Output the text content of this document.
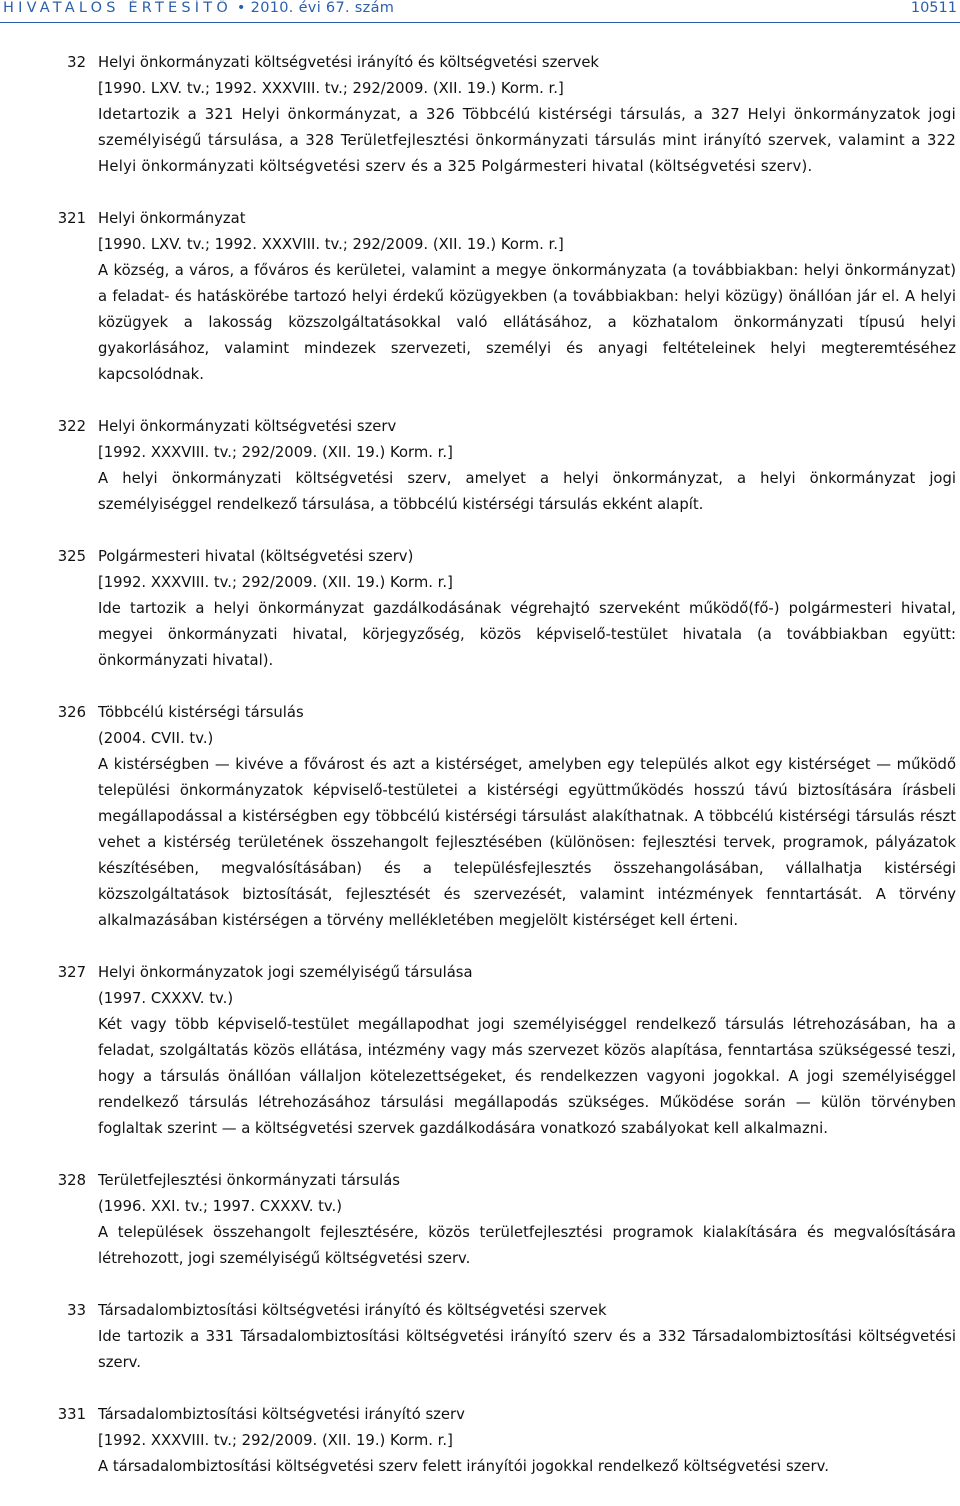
HIVATALOS ÉRTESÍTŐ • 2010. évi 67. szám	10511
32 Helyi önkormányzati költségvetési irányító és költségvetési szervek
[1990. LXV. tv.; 1992. XXXVIII. tv.; 292/2009. (XII. 19.) Korm. r.]
Idetartozik a 321 Helyi önkormányzat, a 326 Többcélú kistérségi társulás, a 327 Helyi önkormányzatok jogi személyiségű társulása, a 328 Területfejlesztési önkormányzati társulás mint irányító szervek, valamint a 322 Helyi önkormányzati költségvetési szerv és a 325 Polgármesteri hivatal (költségvetési szerv).
321 Helyi önkormányzat
[1990. LXV. tv.; 1992. XXXVIII. tv.; 292/2009. (XII. 19.) Korm. r.]
A község, a város, a főváros és kerületei, valamint a megye önkormányzata (a továbbiakban: helyi önkormányzat) a feladat- és hatáskörébe tartozó helyi érdekű közügyekben (a továbbiakban: helyi közügy) önállóan jár el. A helyi közügyek a lakosság közszolgáltatásokkal való ellátásához, a közhatalom önkormányzati típusú helyi gyakorlásához, valamint mindezek szervezeti, személyi és anyagi feltételeinek helyi megteremtéséhez kapcsolódnak.
322 Helyi önkormányzati költségvetési szerv
[1992. XXXVIII. tv.; 292/2009. (XII. 19.) Korm. r.]
A helyi önkormányzati költségvetési szerv, amelyet a helyi önkormányzat, a helyi önkormányzat jogi személyiséggel rendelkező társulása, a többcélú kistérségi társulás ekként alapít.
325 Polgármesteri hivatal (költségvetési szerv)
[1992. XXXVIII. tv.; 292/2009. (XII. 19.) Korm. r.]
Ide tartozik a helyi önkormányzat gazdálkodásának végrehajtó szerveként működő(fő-) polgármesteri hivatal, megyei önkormányzati hivatal, körjegyzőség, közös képviselő-testület hivatala (a továbbiakban együtt: önkormányzati hivatal).
326 Többcélú kistérségi társulás
(2004. CVII. tv.)
A kistérségben — kivéve a fővárost és azt a kistérséget, amelyben egy település alkot egy kistérséget — működő települési önkormányzatok képviselő-testületei a kistérségi együttműködés hosszú távú biztosítására írásbeli megállapodással a kistérségben egy többcélú kistérségi társulást alakíthatnak. A többcélú kistérségi társulás részt vehet a kistérség területének összehangolt fejlesztésében (különösen: fejlesztési tervek, programok, pályázatok készítésében, megvalósításában) és a településfejlesztés összehangolásában, vállalhatja kistérségi közszolgáltatások biztosítását, fejlesztését és szervezését, valamint intézmények fenntartását. A törvény alkalmazásában kistérségen a törvény mellékletében megjelölt kistérséget kell érteni.
327 Helyi önkormányzatok jogi személyiségű társulása
(1997. CXXXV. tv.)
Két vagy több képviselő-testület megállapodhat jogi személyiséggel rendelkező társulás létrehozásában, ha a feladat, szolgáltatás közös ellátása, intézmény vagy más szervezet közös alapítása, fenntartása szükségessé teszi, hogy a társulás önállóan vállaljon kötelezettségeket, és rendelkezzen vagyoni jogokkal. A jogi személyiséggel rendelkező társulás létrehozásához társulási megállapodás szükséges. Működése során — külön törvényben foglaltak szerint — a költségvetési szervek gazdálkodására vonatkozó szabályokat kell alkalmazni.
328 Területfejlesztési önkormányzati társulás
(1996. XXI. tv.; 1997. CXXXV. tv.)
A települések összehangolt fejlesztésére, közös területfejlesztési programok kialakítására és megvalósítására létrehozott, jogi személyiségű költségvetési szerv.
33 Társadalombiztosítási költségvetési irányító és költségvetési szervek
Ide tartozik a 331 Társadalombiztosítási költségvetési irányító szerv és a 332 Társadalombiztosítási költségvetési szerv.
331 Társadalombiztosítási költségvetési irányító szerv
[1992. XXXVIII. tv.; 292/2009. (XII. 19.) Korm. r.]
A társadalombiztosítási költségvetési szerv felett irányítói jogokkal rendelkező költségvetési szerv.
